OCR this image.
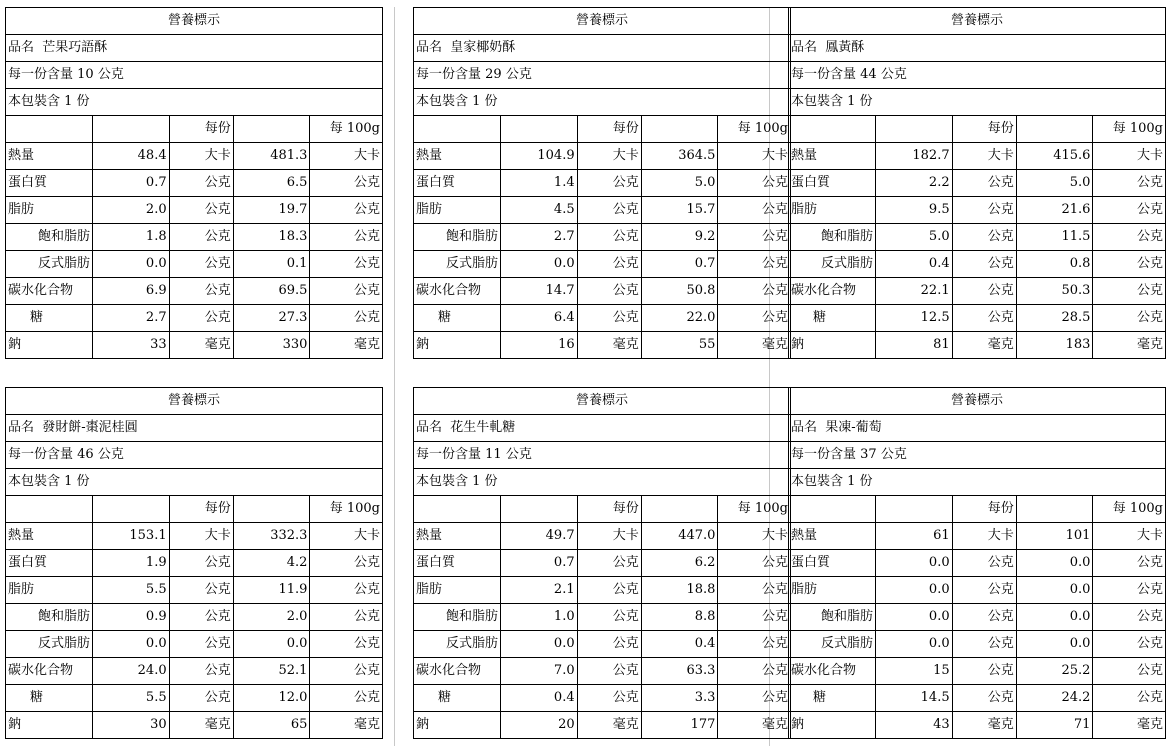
營養標示				
品名 芒果巧語酥				
每一份含量 10 公克				
本包裝含 1 份				
		每份		每 100g
熱量	48.4	大卡	481.3	大卡
蛋白質	0.7	公克	6.5	公克
脂肪	2.0	公克	19.7	公克
飽和脂肪	1.8	公克	18.3	公克
反式脂肪	0.0	公克	0.1	公克
碳水化合物	6.9	公克	69.5	公克
糖	2.7	公克	27.3	公克
鈉	33	毫克	330	毫克
營養標示				
品名 皇家椰奶酥				
每一份含量 29 公克				
本包裝含 1 份				
		每份		每 100g
熱量	104.9	大卡	364.5	大卡
蛋白質	1.4	公克	5.0	公克
脂肪	4.5	公克	15.7	公克
飽和脂肪	2.7	公克	9.2	公克
反式脂肪	0.0	公克	0.7	公克
碳水化合物	14.7	公克	50.8	公克
糖	6.4	公克	22.0	公克
鈉	16	毫克	55	毫克
營養標示				
品名 鳳黃酥				
每一份含量 44 公克				
本包裝含 1 份				
		每份		每 100g
熱量	182.7	大卡	415.6	大卡
蛋白質	2.2	公克	5.0	公克
脂肪	9.5	公克	21.6	公克
飽和脂肪	5.0	公克	11.5	公克
反式脂肪	0.4	公克	0.8	公克
碳水化合物	22.1	公克	50.3	公克
糖	12.5	公克	28.5	公克
鈉	81	毫克	183	毫克
營養標示				
品名 發財餅-棗泥桂圓				
每一份含量 46 公克				
本包裝含 1 份				
		每份		每 100g
熱量	153.1	大卡	332.3	大卡
蛋白質	1.9	公克	4.2	公克
脂肪	5.5	公克	11.9	公克
飽和脂肪	0.9	公克	2.0	公克
反式脂肪	0.0	公克	0.0	公克
碳水化合物	24.0	公克	52.1	公克
糖	5.5	公克	12.0	公克
鈉	30	毫克	65	毫克
營養標示				
品名 花生牛軋糖				
每一份含量 11 公克				
本包裝含 1 份				
		每份		每 100g
熱量	49.7	大卡	447.0	大卡
蛋白質	0.7	公克	6.2	公克
脂肪	2.1	公克	18.8	公克
飽和脂肪	1.0	公克	8.8	公克
反式脂肪	0.0	公克	0.4	公克
碳水化合物	7.0	公克	63.3	公克
糖	0.4	公克	3.3	公克
鈉	20	毫克	177	毫克
營養標示				
品名 果凍-葡萄				
每一份含量 37 公克				
本包裝含 1 份				
		每份		每 100g
熱量	61	大卡	101	大卡
蛋白質	0.0	公克	0.0	公克
脂肪	0.0	公克	0.0	公克
飽和脂肪	0.0	公克	0.0	公克
反式脂肪	0.0	公克	0.0	公克
碳水化合物	15	公克	25.2	公克
糖	14.5	公克	24.2	公克
鈉	43	毫克	71	毫克
